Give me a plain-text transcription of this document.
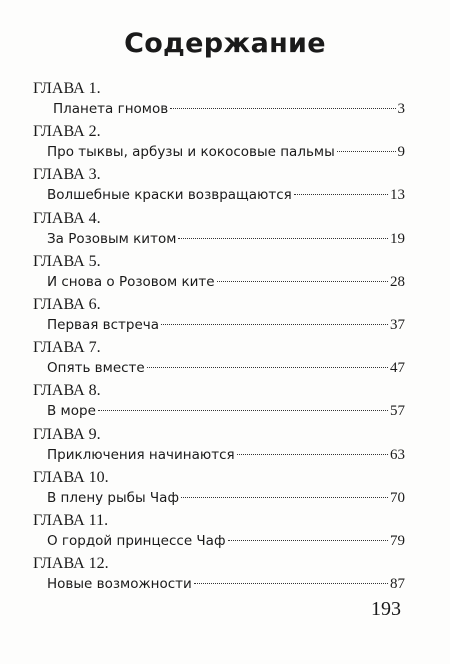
Содержание
ГЛАВА 1.
Планета гномов	3
ГЛАВА 2.
Про тыквы, арбузы и кокосовые пальмы	9
ГЛАВА 3.
Волшебные краски возвращаются	13
ГЛАВА 4.
За Розовым китом	19
ГЛАВА 5.
И снова о Розовом ките	28
ГЛАВА 6.
Первая встреча	37
ГЛАВА 7.
Опять вместе	47
ГЛАВА 8.
В море	57
ГЛАВА 9.
Приключения начинаются	63
ГЛАВА 10.
В плену рыбы Чаф	70
ГЛАВА 11.
О гордой принцессе Чаф	79
ГЛАВА 12.
Новые возможности	87
193
